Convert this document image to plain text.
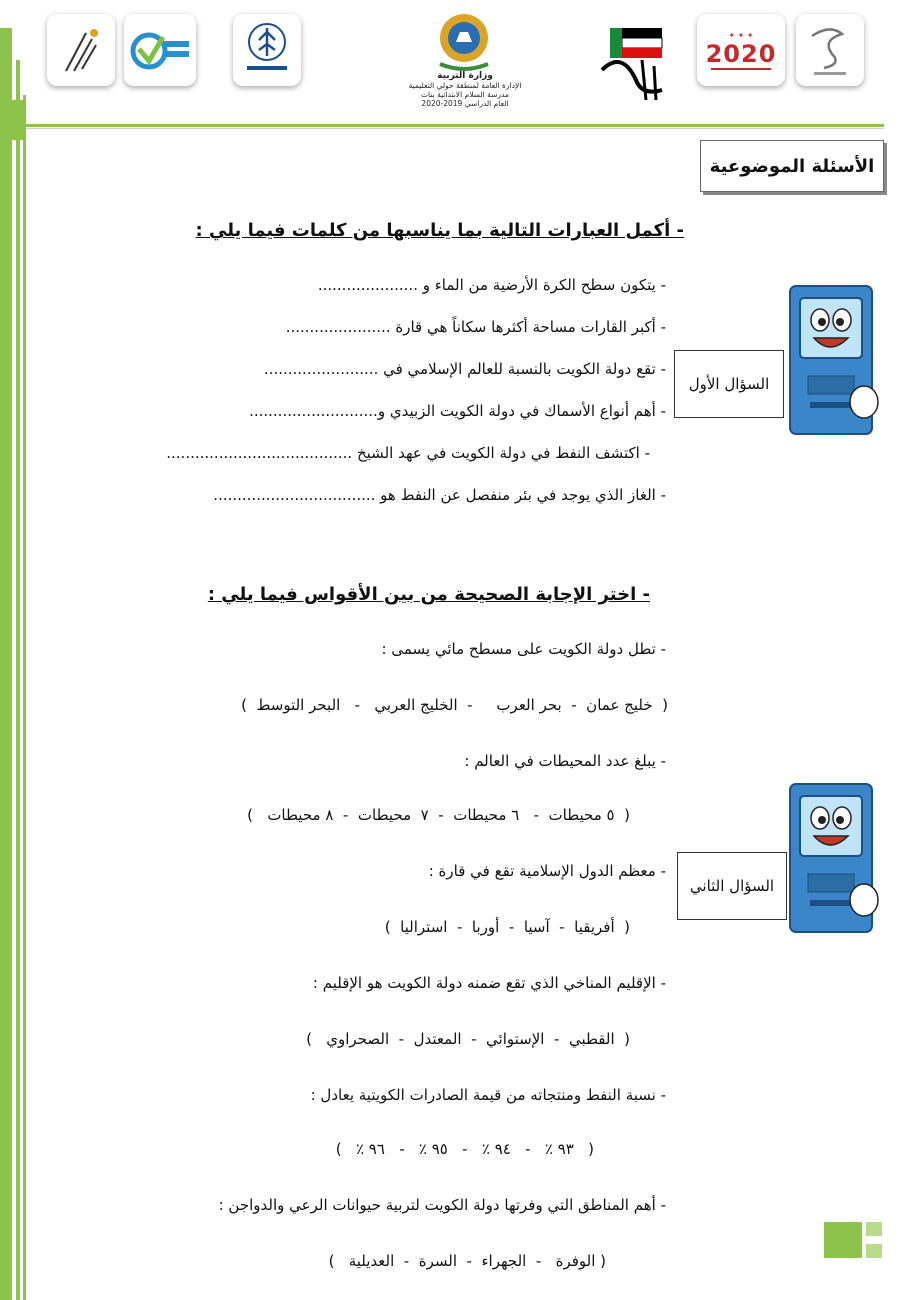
وزارة التربية
الإدارة العامة لمنطقة حولي التعليمية
مدرسة السلام الابتدائية بنات
العام الدراسي 2019-2020
✦ ✦ ✦
2020
الأسئلة الموضوعية
- أكمل العبارات التالية بما يناسبها من كلمات فيما يلي :
- يتكون سطح الكرة الأرضية من الماء و .....................
- أكبر القارات مساحة أكثرها سكاناً هي قارة ......................
- تقع دولة الكويت بالنسبة للعالم الإسلامي في ........................
- أهم أنواع الأسماك في دولة الكويت الزبيدي و...........................
- اكتشف النفط في دولة الكويت في عهد الشيخ .......................................
- الغاز الذي يوجد في بئر منفصل عن النفط هو ..................................
السؤال الأول
- اختر الإجابة الصحيحة من بين الأقواس فيما يلي :
- تطل دولة الكويت على مسطح مائي يسمى :
(  خليج عمان  -  بحر العرب     -  الخليج العربي   -   البحر التوسط  )
- يبلغ عدد المحيطات في العالم :
(  ٥ محيطات  -   ٦ محيطات  -  ٧  محيطات  -  ٨ محيطات   )
- معظم الدول الإسلامية تقع في قارة :
(  أفريقيا  -  آسيا  -  أوربا  -  استراليا  )
- الإقليم المناخي الذي تقع ضمنه دولة الكويت هو الإقليم :
(  القطبي  -  الإستوائي  -  المعتدل  -  الصحراوي   )
- نسبة النفط ومنتجاته من قيمة الصادرات الكويتية يعادل :
(   ٩٣ ٪   -   ٩٤ ٪   -   ٩٥ ٪   -   ٩٦ ٪   )
- أهم المناطق التي وفرتها دولة الكويت لتربية حيوانات الرعي والدواجن :
( الوفرة   -  الجهراء  -  السرة  -  العديلية   )
السؤال الثاني
